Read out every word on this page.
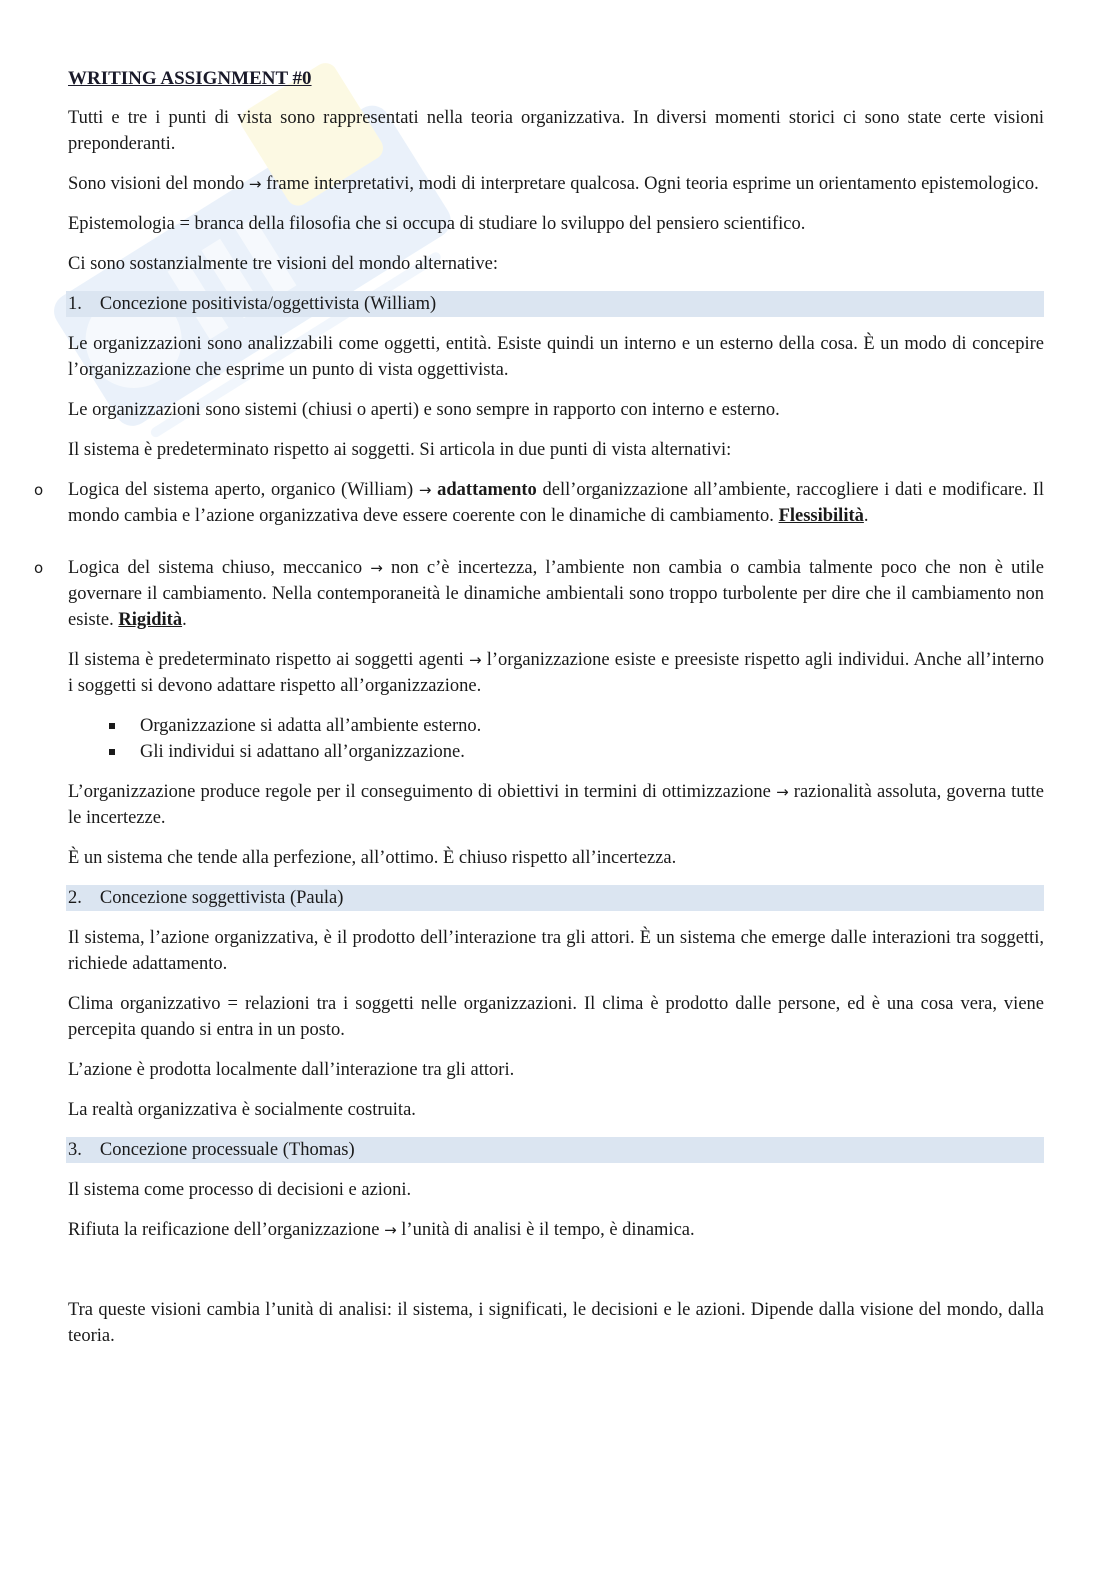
WRITING ASSIGNMENT #0

Tutti e tre i punti di vista sono rappresentati nella teoria organizzativa. In diversi momenti storici ci sono state certe visioni preponderanti.

Sono visioni del mondo → frame interpretativi, modi di interpretare qualcosa. Ogni teoria esprime un orientamento epistemologico.

Epistemologia = branca della filosofia che si occupa di studiare lo sviluppo del pensiero scientifico.

Ci sono sostanzialmente tre visioni del mondo alternative:

1. Concezione positivista/oggettivista (William)

Le organizzazioni sono analizzabili come oggetti, entità. Esiste quindi un interno e un esterno della cosa. È un modo di concepire l’organizzazione che esprime un punto di vista oggettivista.

Le organizzazioni sono sistemi (chiusi o aperti) e sono sempre in rapporto con interno e esterno.

Il sistema è predeterminato rispetto ai soggetti. Si articola in due punti di vista alternativi:

o Logica del sistema aperto, organico (William) → adattamento dell’organizzazione all’ambiente, raccogliere i dati e modificare. Il mondo cambia e l’azione organizzativa deve essere coerente con le dinamiche di cambiamento. Flessibilità.
o Logica del sistema chiuso, meccanico → non c’è incertezza, l’ambiente non cambia o cambia talmente poco che non è utile governare il cambiamento. Nella contemporaneità le dinamiche ambientali sono troppo turbolente per dire che il cambiamento non esiste. Rigidità.

Il sistema è predeterminato rispetto ai soggetti agenti → l’organizzazione esiste e preesiste rispetto agli individui. Anche all’interno i soggetti si devono adattare rispetto all’organizzazione.

Organizzazione si adatta all’ambiente esterno.
Gli individui si adattano all’organizzazione.

L’organizzazione produce regole per il conseguimento di obiettivi in termini di ottimizzazione → razionalità assoluta, governa tutte le incertezze.

È un sistema che tende alla perfezione, all’ottimo. È chiuso rispetto all’incertezza.

2. Concezione soggettivista (Paula)

Il sistema, l’azione organizzativa, è il prodotto dell’interazione tra gli attori. È un sistema che emerge dalle interazioni tra soggetti, richiede adattamento.

Clima organizzativo = relazioni tra i soggetti nelle organizzazioni. Il clima è prodotto dalle persone, ed è una cosa vera, viene percepita quando si entra in un posto.

L’azione è prodotta localmente dall’interazione tra gli attori.

La realtà organizzativa è socialmente costruita.

3. Concezione processuale (Thomas)

Il sistema come processo di decisioni e azioni.

Rifiuta la reificazione dell’organizzazione → l’unità di analisi è il tempo, è dinamica.

Tra queste visioni cambia l’unità di analisi: il sistema, i significati, le decisioni e le azioni. Dipende dalla visione del mondo, dalla teoria.
